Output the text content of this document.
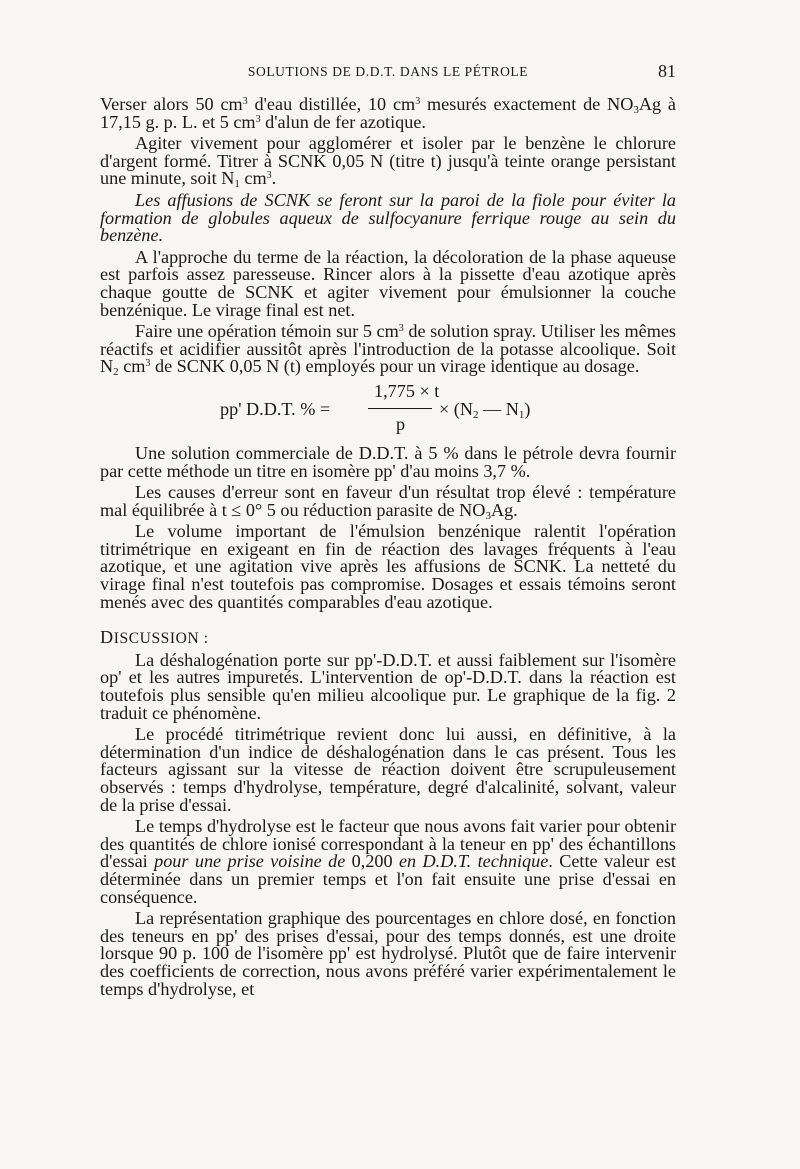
SOLUTIONS DE D.D.T. DANS LE PÉTROLE	81

Verser alors 50 $cm^3$ d'eau distillée, 10 $cm^3$ mesurés exactement de $NO_3Ag$ à 17,15 g. p. L. et 5 $cm^3$ d'alun de fer azotique.

Agiter vivement pour agglomérer et isoler par le benzène le chlorure d'argent formé. Titrer à SCNK 0,05 N (titre t) jusqu'à teinte orange persistant une minute, soit $N_1$ $cm^3$.

Les affusions de SCNK se feront sur la paroi de la fiole pour éviter la formation de globules aqueux de sulfocyanure ferrique rouge au sein du benzène.

A l'approche du terme de la réaction, la décoloration de la phase aqueuse est parfois assez paresseuse. Rincer alors à la pissette d'eau azotique après chaque goutte de SCNK et agiter vivement pour émulsionner la couche benzénique. Le virage final est net.

Faire une opération témoin sur 5 $cm^3$ de solution spray. Utiliser les mêmes réactifs et acidifier aussitôt après l'introduction de la potasse alcoolique. Soit $N_2$ $cm^3$ de SCNK 0,05 N (t) employés pour un virage identique au dosage.

pp' D.D.T. % =
1,775 × t
p
× ($N_2$ — $N_1$)

Une solution commerciale de D.D.T. à 5 % dans le pétrole devra fournir par cette méthode un titre en isomère pp' d'au moins 3,7 %.

Les causes d'erreur sont en faveur d'un résultat trop élevé : température mal équilibrée à t ≤ 0° 5 ou réduction parasite de $NO_3Ag$.

Le volume important de l'émulsion benzénique ralentit l'opération titrimétrique en exigeant en fin de réaction des lavages fréquents à l'eau azotique, et une agitation vive après les affusions de SCNK. La netteté du virage final n'est toutefois pas compromise. Dosages et essais témoins seront menés avec des quantités comparables d'eau azotique.

DISCUSSION :

La déshalogénation porte sur pp'-D.D.T. et aussi faiblement sur l'isomère op' et les autres impuretés. L'intervention de op'-D.D.T. dans la réaction est toutefois plus sensible qu'en milieu alcoolique pur. Le graphique de la fig. 2 traduit ce phénomène.

Le procédé titrimétrique revient donc lui aussi, en définitive, à la détermination d'un indice de déshalogénation dans le cas présent. Tous les facteurs agissant sur la vitesse de réaction doivent être scrupuleusement observés : temps d'hydrolyse, température, degré d'alcalinité, solvant, valeur de la prise d'essai.

Le temps d'hydrolyse est le facteur que nous avons fait varier pour obtenir des quantités de chlore ionisé correspondant à la teneur en pp' des échantillons d'essai pour une prise voisine de 0,200 en D.D.T. technique. Cette valeur est déterminée dans un premier temps et l'on fait ensuite une prise d'essai en conséquence.

La représentation graphique des pourcentages en chlore dosé, en fonction des teneurs en pp' des prises d'essai, pour des temps donnés, est une droite lorsque 90 p. 100 de l'isomère pp' est hydrolysé. Plutôt que de faire intervenir des coefficients de correction, nous avons préféré varier expérimentalement le temps d'hydrolyse, et
